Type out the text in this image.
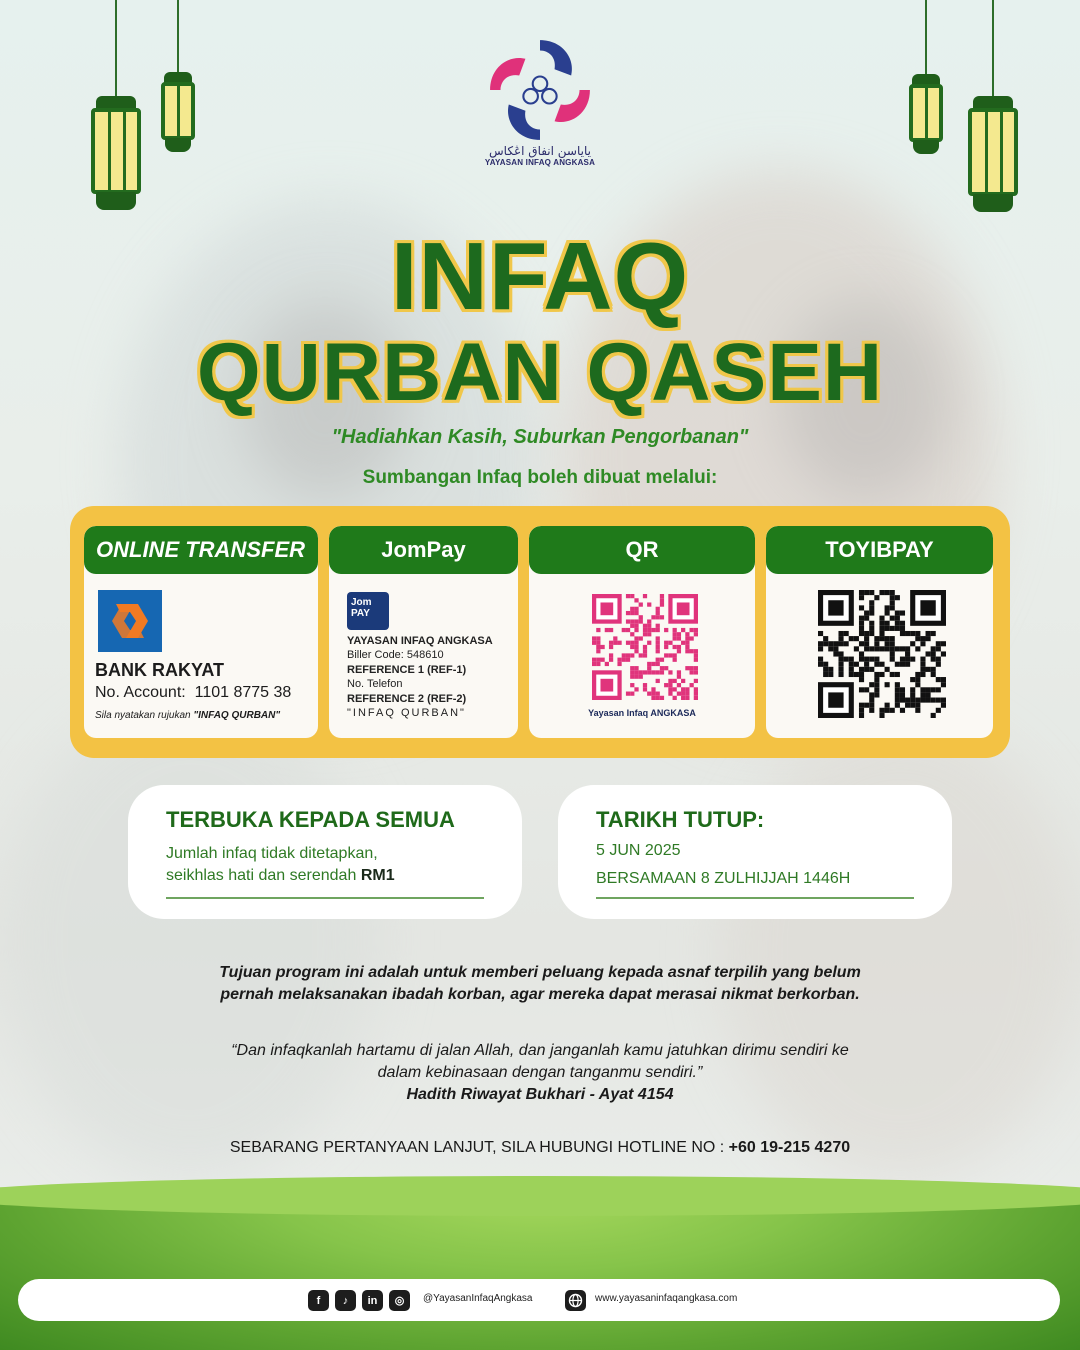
ياياسن انفاق اڠكاس
YAYASAN INFAQ ANGKASA
INFAQ
QURBAN QASEH
"Hadiahkan Kasih, Suburkan Pengorbanan"
Sumbangan Infaq boleh dibuat melalui:
ONLINE TRANSFER
BANK RAKYAT
No. Account: 1101 8775 38
Sila nyatakan rujukan "INFAQ QURBAN"
JomPay
Jom
PAY
YAYASAN INFAQ ANGKASA
Biller Code: 548610
REFERENCE 1 (REF-1)
No. Telefon
REFERENCE 2 (REF-2)
"INFAQ QURBAN"
QR
Yayasan Infaq ANGKASA
TOYIBPAY
TERBUKA KEPADA SEMUA
Jumlah infaq tidak ditetapkan,
seikhlas hati dan serendah RM1
TARIKH TUTUP:
5 JUN 2025
BERSAMAAN 8 ZULHIJJAH 1446H
Tujuan program ini adalah untuk memberi peluang kepada asnaf terpilih yang belum
pernah melaksanakan ibadah korban, agar mereka dapat merasai nikmat berkorban.
“Dan infaqkanlah hartamu di jalan Allah, dan janganlah kamu jatuhkan dirimu sendiri ke
dalam kebinasaan dengan tanganmu sendiri.”
Hadith Riwayat Bukhari - Ayat 4154
SEBARANG PERTANYAAN LANJUT, SILA HUBUNGI HOTLINE NO : +60 19-215 4270
f	♪	in	◎	@YayasanInfaqAngkasa	www.yayasaninfaqangkasa.com
